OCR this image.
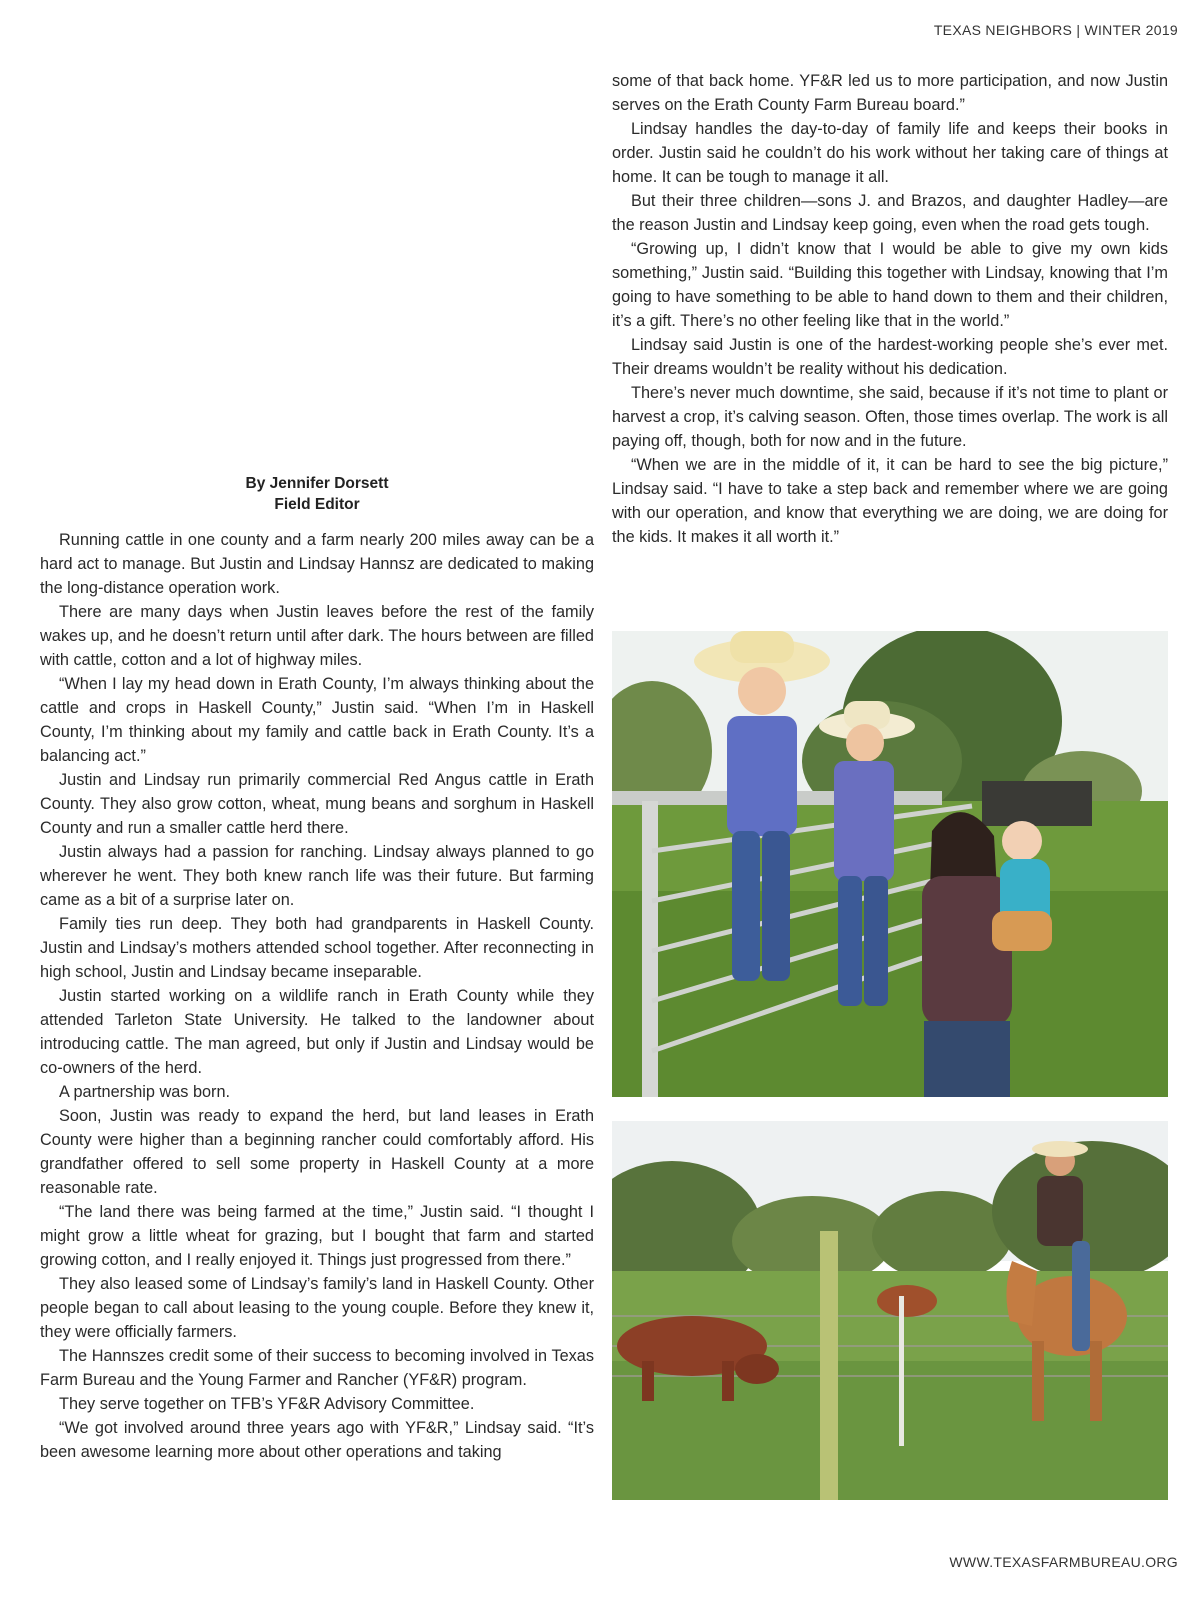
TEXAS NEIGHBORS | WINTER 2019
By Jennifer Dorsett
Field Editor

Running cattle in one county and a farm nearly 200 miles away can be a hard act to manage. But Justin and Lindsay Hannsz are dedicated to making the long-distance operation work.

There are many days when Justin leaves before the rest of the family wakes up, and he doesn’t return until after dark. The hours between are filled with cattle, cotton and a lot of highway miles.

“When I lay my head down in Erath County, I’m always thinking about the cattle and crops in Haskell County,” Justin said. “When I’m in Haskell County, I’m thinking about my family and cattle back in Erath County. It’s a balancing act.”

Justin and Lindsay run primarily commercial Red Angus cattle in Erath County. They also grow cotton, wheat, mung beans and sorghum in Haskell County and run a smaller cattle herd there.

Justin always had a passion for ranching. Lindsay always planned to go wherever he went. They both knew ranch life was their future. But farming came as a bit of a surprise later on.

Family ties run deep. They both had grandparents in Haskell County. Justin and Lindsay’s mothers attended school together. After reconnecting in high school, Justin and Lindsay became inseparable.

Justin started working on a wildlife ranch in Erath County while they attended Tarleton State University. He talked to the landowner about introducing cattle. The man agreed, but only if Justin and Lindsay would be co-owners of the herd.

A partnership was born.

Soon, Justin was ready to expand the herd, but land leases in Erath County were higher than a beginning rancher could comfortably afford. His grandfather offered to sell some property in Haskell County at a more reasonable rate.

“The land there was being farmed at the time,” Justin said. “I thought I might grow a little wheat for grazing, but I bought that farm and started growing cotton, and I really enjoyed it. Things just progressed from there.”

They also leased some of Lindsay’s family’s land in Haskell County. Other people began to call about leasing to the young couple. Before they knew it, they were officially farmers.

The Hannszes credit some of their success to becoming involved in Texas Farm Bureau and the Young Farmer and Rancher (YF&R) program.

They serve together on TFB’s YF&R Advisory Committee.

“We got involved around three years ago with YF&R,” Lindsay said. “It’s been awesome learning more about other operations and taking

some of that back home. YF&R led us to more participation, and now Justin serves on the Erath County Farm Bureau board.”

Lindsay handles the day-to-day of family life and keeps their books in order. Justin said he couldn’t do his work without her taking care of things at home. It can be tough to manage it all.

But their three children—sons J. and Brazos, and daughter Hadley—are the reason Justin and Lindsay keep going, even when the road gets tough.

“Growing up, I didn’t know that I would be able to give my own kids something,” Justin said. “Building this together with Lindsay, knowing that I’m going to have something to be able to hand down to them and their children, it’s a gift. There’s no other feeling like that in the world.”

Lindsay said Justin is one of the hardest-working people she’s ever met. Their dreams wouldn’t be reality without his dedication.

There’s never much downtime, she said, because if it’s not time to plant or harvest a crop, it’s calving season. Often, those times overlap. The work is all paying off, though, both for now and in the future.

“When we are in the middle of it, it can be hard to see the big picture,” Lindsay said. “I have to take a step back and remember where we are going with our operation, and know that everything we are doing, we are doing for the kids. It makes it all worth it.”

WWW.TEXASFARMBUREAU.ORG
